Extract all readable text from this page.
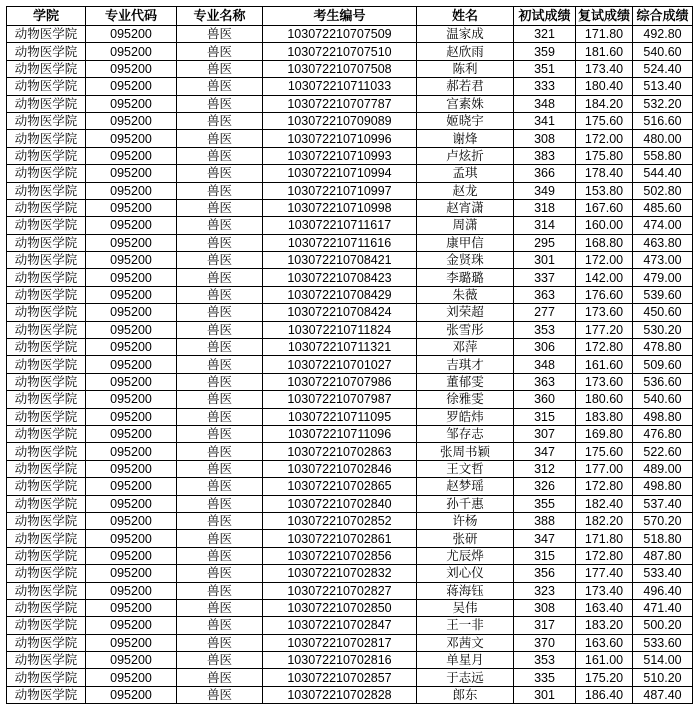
学院	专业代码	专业名称	考生编号	姓名	初试成绩	复试成绩	综合成绩
动物医学院	095200	兽医	103072210707509	温家成	321	171.80	492.80
动物医学院	095200	兽医	103072210707510	赵欣雨	359	181.60	540.60
动物医学院	095200	兽医	103072210707508	陈利	351	173.40	524.40
动物医学院	095200	兽医	103072210711033	郝若君	333	180.40	513.40
动物医学院	095200	兽医	103072210707787	宫素姝	348	184.20	532.20
动物医学院	095200	兽医	103072210709089	姬晓宇	341	175.60	516.60
动物医学院	095200	兽医	103072210710996	谢烽	308	172.00	480.00
动物医学院	095200	兽医	103072210710993	卢炫折	383	175.80	558.80
动物医学院	095200	兽医	103072210710994	孟琪	366	178.40	544.40
动物医学院	095200	兽医	103072210710997	赵龙	349	153.80	502.80
动物医学院	095200	兽医	103072210710998	赵宵潇	318	167.60	485.60
动物医学院	095200	兽医	103072210711617	周潇	314	160.00	474.00
动物医学院	095200	兽医	103072210711616	康甲信	295	168.80	463.80
动物医学院	095200	兽医	103072210708421	金贤珠	301	172.00	473.00
动物医学院	095200	兽医	103072210708423	李璐璐	337	142.00	479.00
动物医学院	095200	兽医	103072210708429	朱薇	363	176.60	539.60
动物医学院	095200	兽医	103072210708424	刘荣超	277	173.60	450.60
动物医学院	095200	兽医	103072210711824	张雪彤	353	177.20	530.20
动物医学院	095200	兽医	103072210711321	邓萍	306	172.80	478.80
动物医学院	095200	兽医	103072210701027	吉琪才	348	161.60	509.60
动物医学院	095200	兽医	103072210707986	董郁雯	363	173.60	536.60
动物医学院	095200	兽医	103072210707987	徐雅雯	360	180.60	540.60
动物医学院	095200	兽医	103072210711095	罗皓炜	315	183.80	498.80
动物医学院	095200	兽医	103072210711096	邹存志	307	169.80	476.80
动物医学院	095200	兽医	103072210702863	张周书颖	347	175.60	522.60
动物医学院	095200	兽医	103072210702846	王文哲	312	177.00	489.00
动物医学院	095200	兽医	103072210702865	赵梦瑶	326	172.80	498.80
动物医学院	095200	兽医	103072210702840	孙千惠	355	182.40	537.40
动物医学院	095200	兽医	103072210702852	许杨	388	182.20	570.20
动物医学院	095200	兽医	103072210702861	张研	347	171.80	518.80
动物医学院	095200	兽医	103072210702856	尤辰烨	315	172.80	487.80
动物医学院	095200	兽医	103072210702832	刘心仪	356	177.40	533.40
动物医学院	095200	兽医	103072210702827	蒋海钰	323	173.40	496.40
动物医学院	095200	兽医	103072210702850	吴伟	308	163.40	471.40
动物医学院	095200	兽医	103072210702847	王一非	317	183.20	500.20
动物医学院	095200	兽医	103072210702817	邓茜文	370	163.60	533.60
动物医学院	095200	兽医	103072210702816	单星月	353	161.00	514.00
动物医学院	095200	兽医	103072210702857	于志远	335	175.20	510.20
动物医学院	095200	兽医	103072210702828	郎东	301	186.40	487.40
